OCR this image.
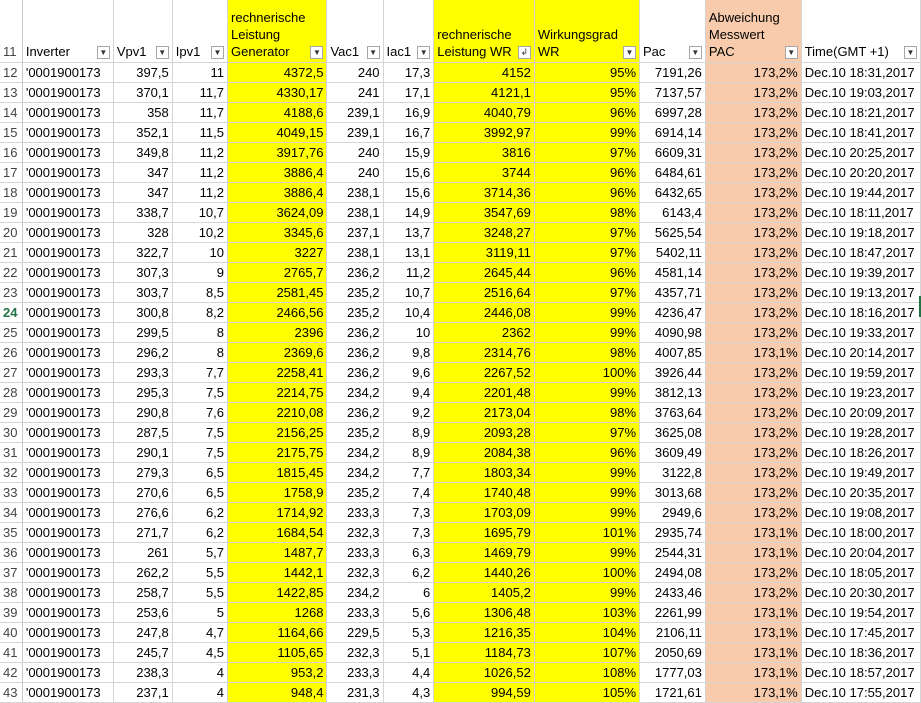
11	Inverter ▼	Vpv1 ▼	Ipv1 ▼	rechnerische Leistung Generator ▼	Vac1 ▼	Iac1 ▼	rechnerische Leistung WR ↲	Wirkungsgrad WR ▼	Pac ▼	Abweichung Messwert PAC ▼	Time(GMT +1) ▼

12	'0001900173	397,5	11	4372,5	240	17,3	4152	95%	7191,26	173,2%	Dec.10 18:31,2017
13	'0001900173	370,1	11,7	4330,17	241	17,1	4121,1	95%	7137,57	173,2%	Dec.10 19:03,2017
14	'0001900173	358	11,7	4188,6	239,1	16,9	4040,79	96%	6997,28	173,2%	Dec.10 18:21,2017
15	'0001900173	352,1	11,5	4049,15	239,1	16,7	3992,97	99%	6914,14	173,2%	Dec.10 18:41,2017
16	'0001900173	349,8	11,2	3917,76	240	15,9	3816	97%	6609,31	173,2%	Dec.10 20:25,2017
17	'0001900173	347	11,2	3886,4	240	15,6	3744	96%	6484,61	173,2%	Dec.10 20:20,2017
18	'0001900173	347	11,2	3886,4	238,1	15,6	3714,36	96%	6432,65	173,2%	Dec.10 19:44,2017
19	'0001900173	338,7	10,7	3624,09	238,1	14,9	3547,69	98%	6143,4	173,2%	Dec.10 18:11,2017
20	'0001900173	328	10,2	3345,6	237,1	13,7	3248,27	97%	5625,54	173,2%	Dec.10 19:18,2017
21	'0001900173	322,7	10	3227	238,1	13,1	3119,11	97%	5402,11	173,2%	Dec.10 18:47,2017
22	'0001900173	307,3	9	2765,7	236,2	11,2	2645,44	96%	4581,14	173,2%	Dec.10 19:39,2017
23	'0001900173	303,7	8,5	2581,45	235,2	10,7	2516,64	97%	4357,71	173,2%	Dec.10 19:13,2017
24	'0001900173	300,8	8,2	2466,56	235,2	10,4	2446,08	99%	4236,47	173,2%	Dec.10 18:16,2017
25	'0001900173	299,5	8	2396	236,2	10	2362	99%	4090,98	173,2%	Dec.10 19:33,2017
26	'0001900173	296,2	8	2369,6	236,2	9,8	2314,76	98%	4007,85	173,1%	Dec.10 20:14,2017
27	'0001900173	293,3	7,7	2258,41	236,2	9,6	2267,52	100%	3926,44	173,2%	Dec.10 19:59,2017
28	'0001900173	295,3	7,5	2214,75	234,2	9,4	2201,48	99%	3812,13	173,2%	Dec.10 19:23,2017
29	'0001900173	290,8	7,6	2210,08	236,2	9,2	2173,04	98%	3763,64	173,2%	Dec.10 20:09,2017
30	'0001900173	287,5	7,5	2156,25	235,2	8,9	2093,28	97%	3625,08	173,2%	Dec.10 19:28,2017
31	'0001900173	290,1	7,5	2175,75	234,2	8,9	2084,38	96%	3609,49	173,2%	Dec.10 18:26,2017
32	'0001900173	279,3	6,5	1815,45	234,2	7,7	1803,34	99%	3122,8	173,2%	Dec.10 19:49,2017
33	'0001900173	270,6	6,5	1758,9	235,2	7,4	1740,48	99%	3013,68	173,2%	Dec.10 20:35,2017
34	'0001900173	276,6	6,2	1714,92	233,3	7,3	1703,09	99%	2949,6	173,2%	Dec.10 19:08,2017
35	'0001900173	271,7	6,2	1684,54	232,3	7,3	1695,79	101%	2935,74	173,1%	Dec.10 18:00,2017
36	'0001900173	261	5,7	1487,7	233,3	6,3	1469,79	99%	2544,31	173,1%	Dec.10 20:04,2017
37	'0001900173	262,2	5,5	1442,1	232,3	6,2	1440,26	100%	2494,08	173,2%	Dec.10 18:05,2017
38	'0001900173	258,7	5,5	1422,85	234,2	6	1405,2	99%	2433,46	173,2%	Dec.10 20:30,2017
39	'0001900173	253,6	5	1268	233,3	5,6	1306,48	103%	2261,99	173,1%	Dec.10 19:54,2017
40	'0001900173	247,8	4,7	1164,66	229,5	5,3	1216,35	104%	2106,11	173,1%	Dec.10 17:45,2017
41	'0001900173	245,7	4,5	1105,65	232,3	5,1	1184,73	107%	2050,69	173,1%	Dec.10 18:36,2017
42	'0001900173	238,3	4	953,2	233,3	4,4	1026,52	108%	1777,03	173,1%	Dec.10 18:57,2017
43	'0001900173	237,1	4	948,4	231,3	4,3	994,59	105%	1721,61	173,1%	Dec.10 17:55,2017
